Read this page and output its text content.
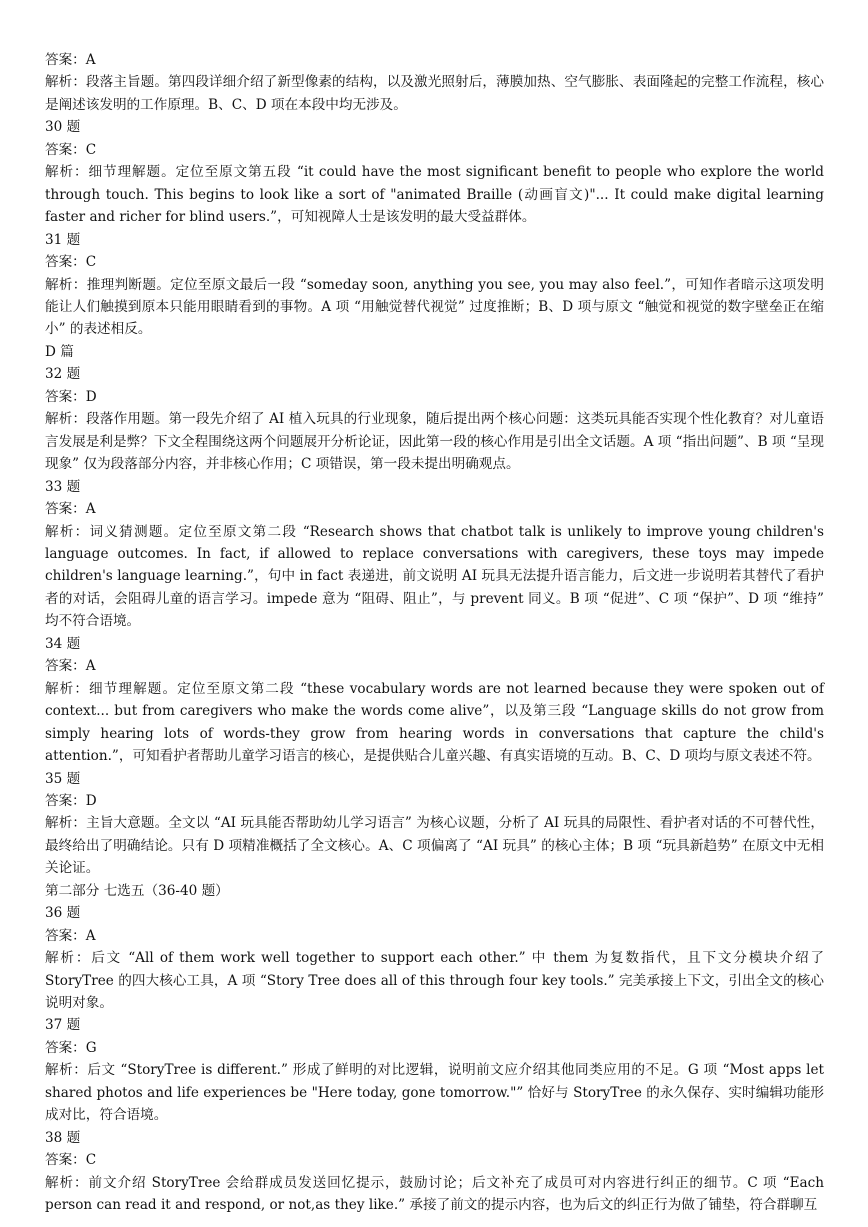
答案：A

解析：段落主旨题。第四段详细介绍了新型像素的结构，以及激光照射后，薄膜加热、空气膨胀、表面隆起的完整工作流程，核心是阐述该发明的工作原理。B、C、D 项在本段中均无涉及。

30 题

答案：C

解析：细节理解题。定位至原文第五段 “it could have the most significant benefit to people who explore the world through touch. This begins to look like a sort of "animated Braille (动画盲文)"... It could make digital learning faster and richer for blind users.”，可知视障人士是该发明的最大受益群体。

31 题

答案：C

解析：推理判断题。定位至原文最后一段 “someday soon, anything you see, you may also feel.”，可知作者暗示这项发明能让人们触摸到原本只能用眼睛看到的事物。A 项 “用触觉替代视觉” 过度推断；B、D 项与原文 “触觉和视觉的数字壁垒正在缩小” 的表述相反。

D 篇

32 题

答案：D

解析：段落作用题。第一段先介绍了 AI 植入玩具的行业现象，随后提出两个核心问题：这类玩具能否实现个性化教育？对儿童语言发展是利是弊？下文全程围绕这两个问题展开分析论证，因此第一段的核心作用是引出全文话题。A 项 “指出问题”、B 项 “呈现现象” 仅为段落部分内容，并非核心作用；C 项错误，第一段未提出明确观点。

33 题

答案：A

解析：词义猜测题。定位至原文第二段 “Research shows that chatbot talk is unlikely to improve young children's language outcomes. In fact, if allowed to replace conversations with caregivers, these toys may impede children's language learning.”，句中 in fact 表递进，前文说明 AI 玩具无法提升语言能力，后文进一步说明若其替代了看护者的对话，会阻碍儿童的语言学习。impede 意为 “阻碍、阻止”，与 prevent 同义。B 项 “促进”、C 项 “保护”、D 项 “维持” 均不符合语境。

34 题

答案：A

解析：细节理解题。定位至原文第二段 “these vocabulary words are not learned because they were spoken out of context... but from caregivers who make the words come alive”，以及第三段 “Language skills do not grow from simply hearing lots of words-they grow from hearing words in conversations that capture the child's attention.”，可知看护者帮助儿童学习语言的核心，是提供贴合儿童兴趣、有真实语境的互动。B、C、D 项均与原文表述不符。

35 题

答案：D

解析：主旨大意题。全文以 “AI 玩具能否帮助幼儿学习语言” 为核心议题，分析了 AI 玩具的局限性、看护者对话的不可替代性，最终给出了明确结论。只有 D 项精准概括了全文核心。A、C 项偏离了 “AI 玩具” 的核心主体；B 项 “玩具新趋势” 在原文中无相关论证。

第二部分 七选五（36-40 题）

36 题

答案：A

解析：后文 “All of them work well together to support each other.” 中 them 为复数指代，且下文分模块介绍了 StoryTree 的四大核心工具，A 项 “Story Tree does all of this through four key tools.” 完美承接上下文，引出全文的核心说明对象。

37 题

答案：G

解析：后文 “StoryTree is different.” 形成了鲜明的对比逻辑，说明前文应介绍其他同类应用的不足。G 项 “Most apps let shared photos and life experiences be "Here today, gone tomorrow."” 恰好与 StoryTree 的永久保存、实时编辑功能形成对比，符合语境。

38 题

答案：C

解析：前文介绍 StoryTree 会给群成员发送回忆提示，鼓励讨论；后文补充了成员可对内容进行纠正的细节。C 项 “Each person can read it and respond, or not,as they like.” 承接了前文的提示内容，也为后文的纠正行为做了铺垫，符合群聊互
